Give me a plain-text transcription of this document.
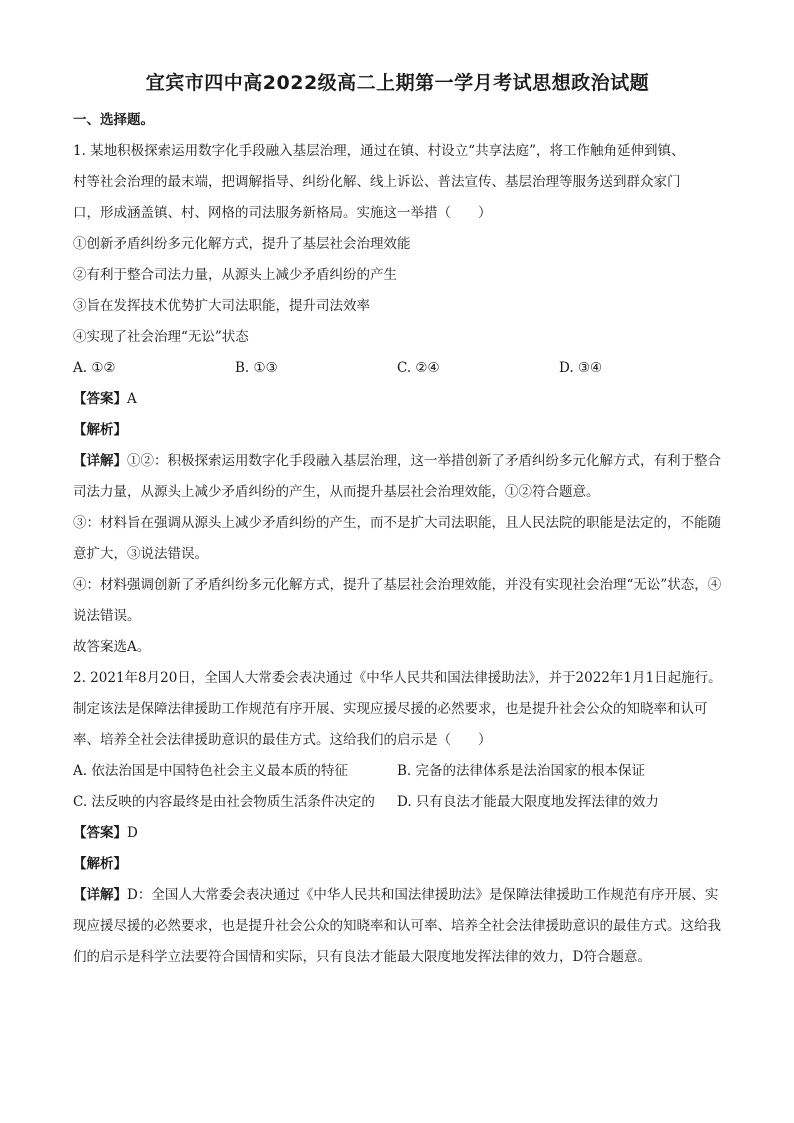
宜宾市四中高2022级高二上期第一学月考试思想政治试题
一、选择题。
1. 某地积极探索运用数字化手段融入基层治理，通过在镇、村设立“共享法庭”，将工作触角延伸到镇、
村等社会治理的最末端，把调解指导、纠纷化解、线上诉讼、普法宣传、基层治理等服务送到群众家门
口，形成涵盖镇、村、网格的司法服务新格局。实施这一举措（　　）
①创新矛盾纠纷多元化解方式，提升了基层社会治理效能
②有利于整合司法力量，从源头上减少矛盾纠纷的产生
③旨在发挥技术优势扩大司法职能，提升司法效率
④实现了社会治理“无讼”状态
A. ①②	B. ①③	C. ②④	D. ③④
【答案】A
【解析】
【详解】①②：积极探索运用数字化手段融入基层治理，这一举措创新了矛盾纠纷多元化解方式，有利于整合司法力量，从源头上减少矛盾纠纷的产生，从而提升基层社会治理效能，①②符合题意。
③：材料旨在强调从源头上减少矛盾纠纷的产生，而不是扩大司法职能，且人民法院的职能是法定的，不能随意扩大，③说法错误。
④：材料强调创新了矛盾纠纷多元化解方式，提升了基层社会治理效能，并没有实现社会治理“无讼”状态，④说法错误。
故答案选A。
2. 2021年8月20日，全国人大常委会表决通过《中华人民共和国法律援助法》，并于2022年1月1日起施行。制定该法是保障法律援助工作规范有序开展、实现应援尽援的必然要求，也是提升社会公众的知晓率和认可率、培养全社会法律援助意识的最佳方式。这给我们的启示是（　　）
A. 依法治国是中国特色社会主义最本质的特征	B. 完备的法律体系是法治国家的根本保证
C. 法反映的内容最终是由社会物质生活条件决定的	D. 只有良法才能最大限度地发挥法律的效力
【答案】D
【解析】
【详解】D：全国人大常委会表决通过《中华人民共和国法律援助法》是保障法律援助工作规范有序开展、实现应援尽援的必然要求，也是提升社会公众的知晓率和认可率、培养全社会法律援助意识的最佳方式。这给我们的启示是科学立法要符合国情和实际，只有良法才能最大限度地发挥法律的效力，D符合题意。
